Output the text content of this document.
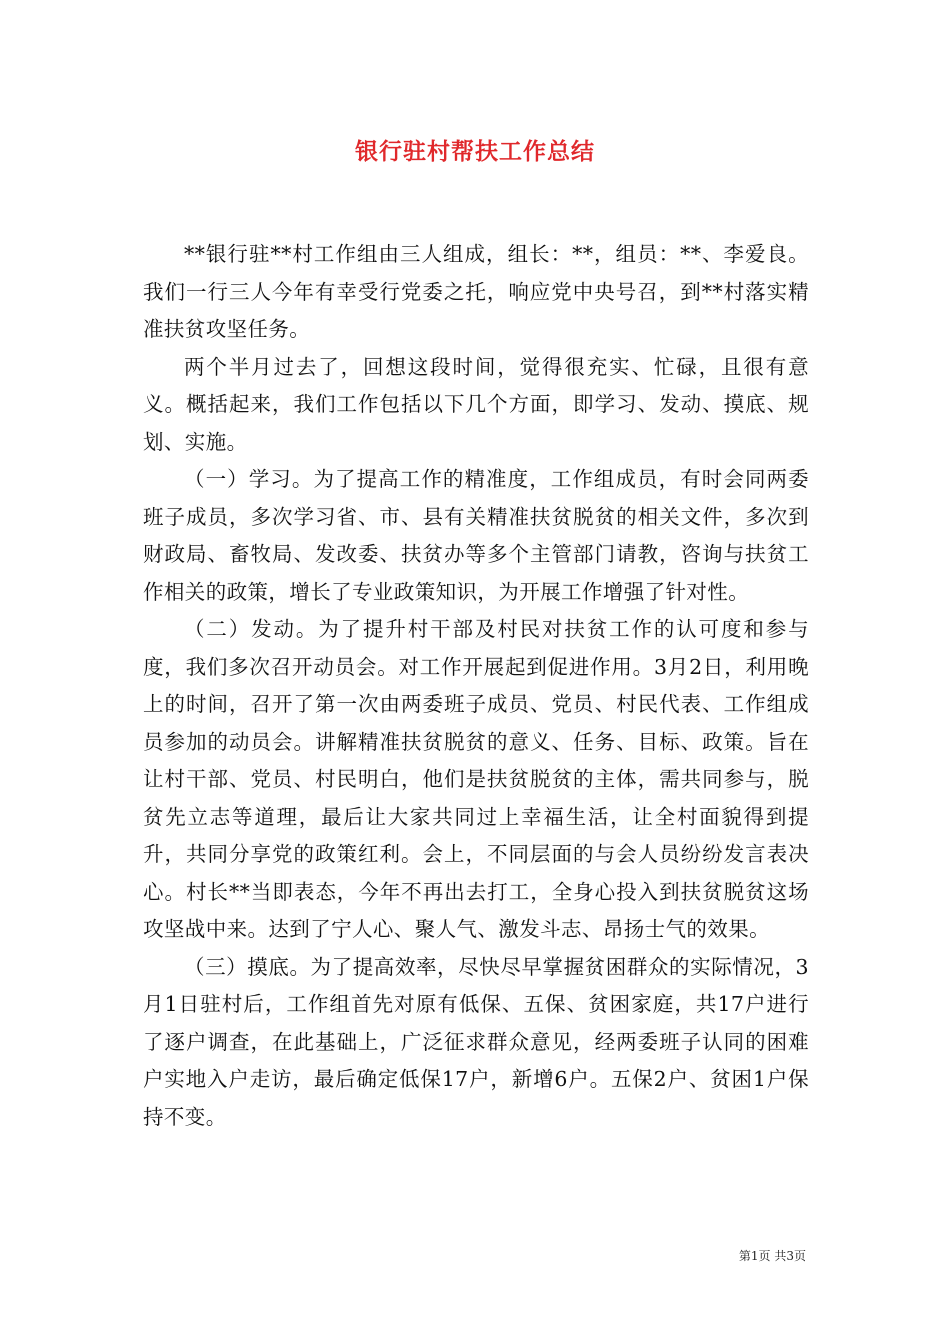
银行驻村帮扶工作总结

**银行驻**村工作组由三人组成，组长：**，组员：**、李爱良。我们一行三人今年有幸受行党委之托，响应党中央号召，到**村落实精准扶贫攻坚任务。

两个半月过去了，回想这段时间，觉得很充实、忙碌，且很有意义。概括起来，我们工作包括以下几个方面，即学习、发动、摸底、规划、实施。

（一）学习。为了提高工作的精准度，工作组成员，有时会同两委班子成员，多次学习省、市、县有关精准扶贫脱贫的相关文件，多次到财政局、畜牧局、发改委、扶贫办等多个主管部门请教，咨询与扶贫工作相关的政策，增长了专业政策知识，为开展工作增强了针对性。

（二）发动。为了提升村干部及村民对扶贫工作的认可度和参与度，我们多次召开动员会。对工作开展起到促进作用。3月2日，利用晚上的时间，召开了第一次由两委班子成员、党员、村民代表、工作组成员参加的动员会。讲解精准扶贫脱贫的意义、任务、目标、政策。旨在让村干部、党员、村民明白，他们是扶贫脱贫的主体，需共同参与，脱贫先立志等道理，最后让大家共同过上幸福生活，让全村面貌得到提升，共同分享党的政策红利。会上，不同层面的与会人员纷纷发言表决心。村长**当即表态，今年不再出去打工，全身心投入到扶贫脱贫这场攻坚战中来。达到了宁人心、聚人气、激发斗志、昂扬士气的效果。

（三）摸底。为了提高效率，尽快尽早掌握贫困群众的实际情况，3月1日驻村后，工作组首先对原有低保、五保、贫困家庭，共17户进行了逐户调查，在此基础上，广泛征求群众意见，经两委班子认同的困难户实地入户走访，最后确定低保17户，新增6户。五保2户、贫困1户保持不变。

第1页 共3页
